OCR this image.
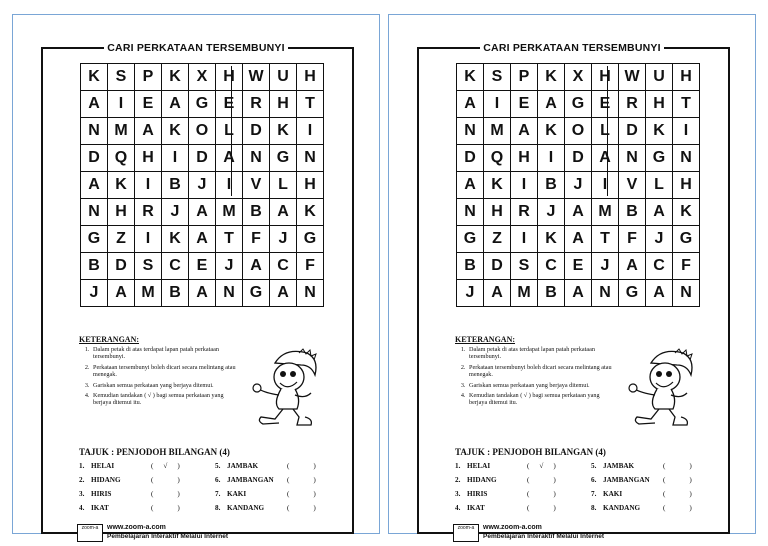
CARI PERKATAAN TERSEMBUNYI
K S	P K X H W U H
A	I	E A G E R H	T
N M A K O L	D K	I
D Q H	I	D A N G N
A K	I	B	J	I	V	L	H
N H R	J	A M B A K
G Z	I	K A	T	F	J	G
B D S C E	J	A C	F
J	A M B A N G A N
KETERANGAN:
1. Dalam petak di atas terdapat lapan patah perkataan tersembunyi.
2. Perkataan tersembunyi boleh dicari secara melintang atau menegak.
3. Gariskan semua perkataan yang berjaya ditemui.
4. Kemudian tandakan ( √ ) bagi semua perkataan yang berjaya ditemui itu.
TAJUK : PENJODOH BILANGAN (4)
1. HELAI	( √ )	5. JAMBAK	(	)
2. HIDANG	(	)	6. JAMBANGAN (	)
3. HIRIS	(	)	7. KAKI	(	)
4. IKAT	(	)	8. KANDANG	(	)
zoom-a	www.zoom-a.com
Pembelajaran Interaktif Melalui Internet
CARI PERKATAAN TERSEMBUNYI
K S	P K X H W U H
A	I	E A G E R H	T
N M A K O L	D K	I
D Q H	I	D A N G N
A K	I	B	J	I	V	L	H
N H R	J	A M B A K
G Z	I	K A	T	F	J	G
B D S C E	J	A C	F
J	A M B A N G A N
KETERANGAN:
1. Dalam petak di atas terdapat lapan patah perkataan tersembunyi.
2. Perkataan tersembunyi boleh dicari secara melintang atau menegak.
3. Gariskan semua perkataan yang berjaya ditemui.
4. Kemudian tandakan ( √ ) bagi semua perkataan yang berjaya ditemui itu.
TAJUK : PENJODOH BILANGAN (4)
1. HELAI	( √ )	5. JAMBAK	(	)
2. HIDANG	(	)	6. JAMBANGAN (	)
3. HIRIS	(	)	7. KAKI	(	)
4. IKAT	(	)	8. KANDANG	(	)
zoom-a	www.zoom-a.com
Pembelajaran Interaktif Melalui Internet
